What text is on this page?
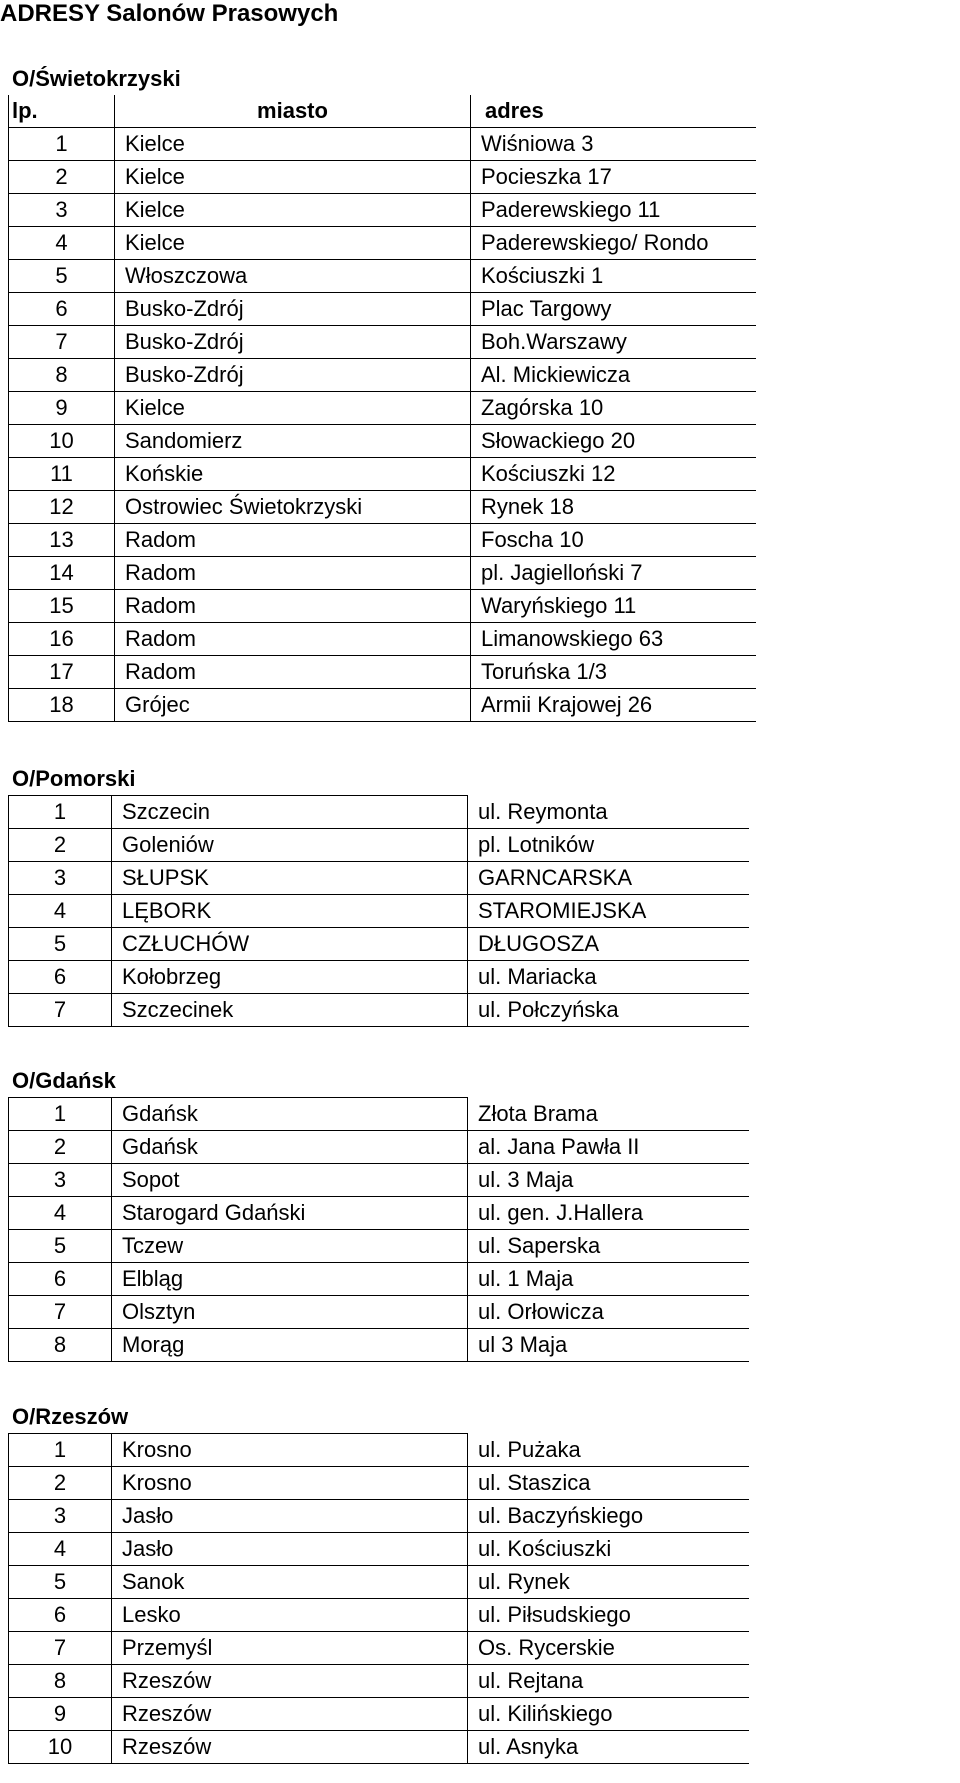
ADRESY Salonów Prasowych
O/Świetokrzyski
lp.	miasto	adres
1	Kielce	Wiśniowa 3
2	Kielce	Pocieszka 17
3	Kielce	Paderewskiego 11
4	Kielce	Paderewskiego/ Rondo
5	Włoszczowa	Kościuszki 1
6	Busko-Zdrój	Plac Targowy
7	Busko-Zdrój	Boh.Warszawy
8	Busko-Zdrój	Al. Mickiewicza
9	Kielce	Zagórska 10
10	Sandomierz	Słowackiego 20
11	Końskie	Kościuszki 12
12	Ostrowiec Świetokrzyski	Rynek 18
13	Radom	Foscha 10
14	Radom	pl. Jagielloński 7
15	Radom	Waryńskiego 11
16	Radom	Limanowskiego 63
17	Radom	Toruńska 1/3
18	Grójec	Armii Krajowej 26
O/Pomorski
1	Szczecin	ul. Reymonta
2	Goleniów	pl. Lotników
3	SŁUPSK	GARNCARSKA
4	LĘBORK	STAROMIEJSKA
5	CZŁUCHÓW	DŁUGOSZA
6	Kołobrzeg	ul. Mariacka
7	Szczecinek	ul. Połczyńska
O/Gdańsk
1	Gdańsk	Złota Brama
2	Gdańsk	al. Jana Pawła II
3	Sopot	ul. 3 Maja
4	Starogard Gdański	ul. gen. J.Hallera
5	Tczew	ul. Saperska
6	Elbląg	ul. 1 Maja
7	Olsztyn	ul. Orłowicza
8	Morąg	ul 3 Maja
O/Rzeszów
1	Krosno	ul. Pużaka
2	Krosno	ul. Staszica
3	Jasło	ul. Baczyńskiego
4	Jasło	ul. Kościuszki
5	Sanok	ul. Rynek
6	Lesko	ul. Piłsudskiego
7	Przemyśl	Os. Rycerskie
8	Rzeszów	ul. Rejtana
9	Rzeszów	ul. Kilińskiego
10	Rzeszów	ul. Asnyka
